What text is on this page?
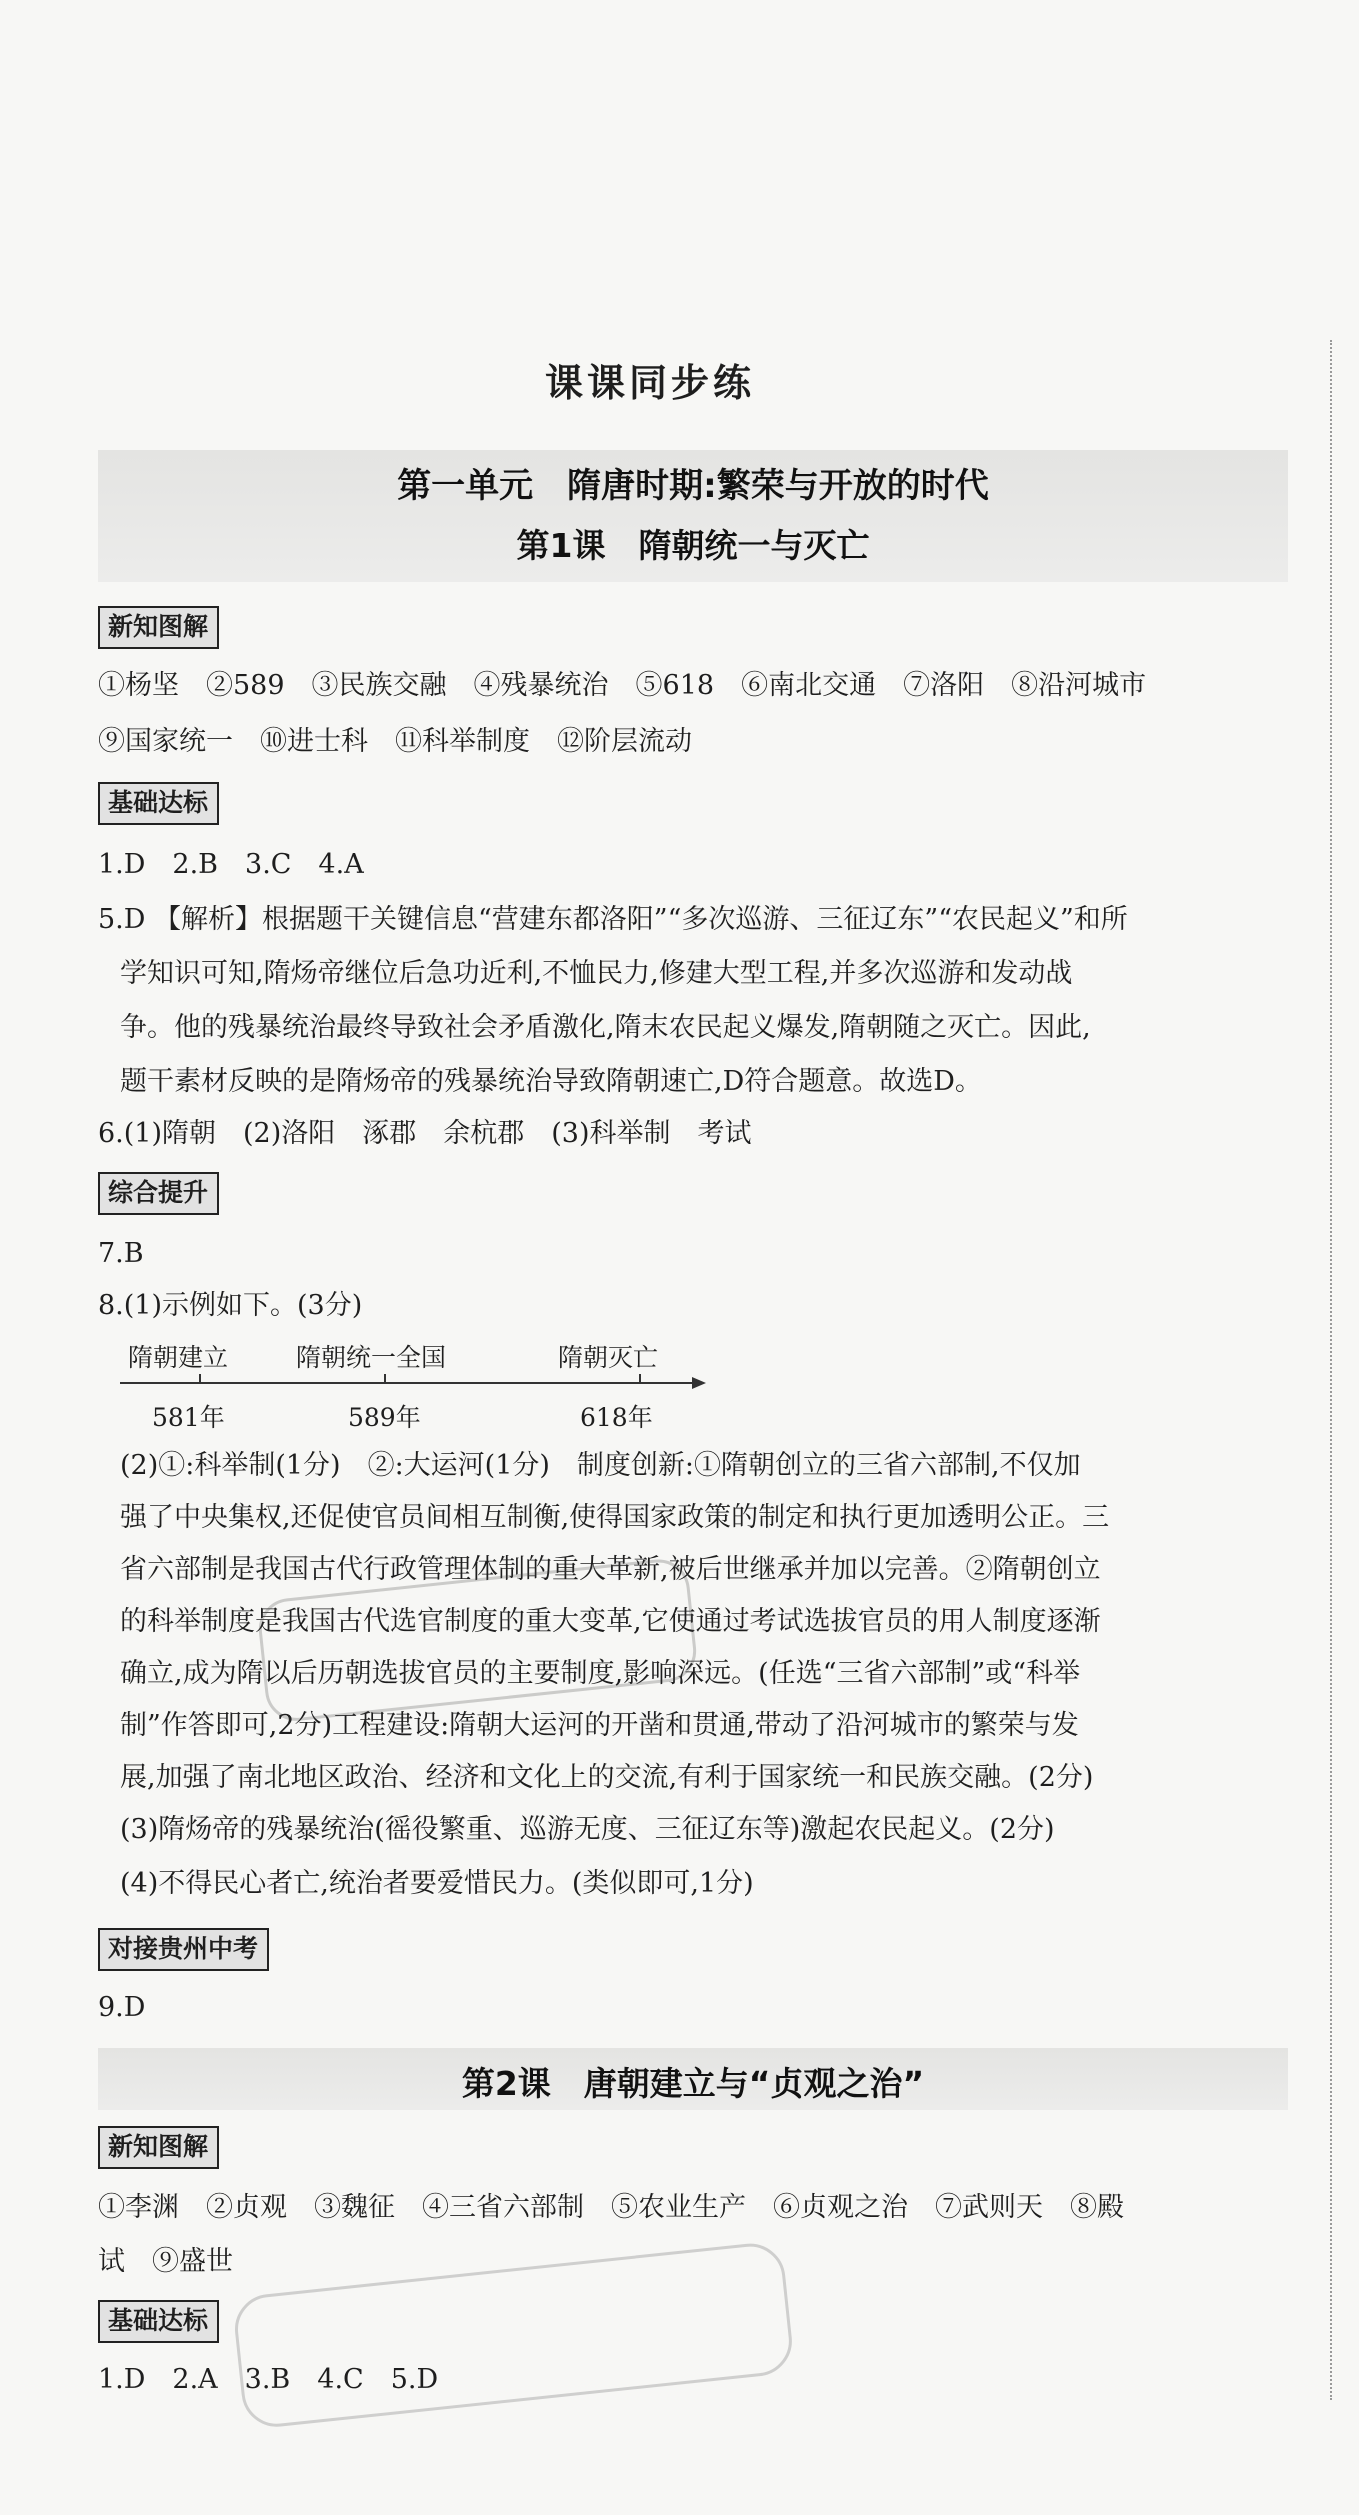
课课同步练
第一单元　隋唐时期:繁荣与开放的时代
第1课　隋朝统一与灭亡
新知图解
①杨坚　②589　③民族交融　④残暴统治　⑤618　⑥南北交通　⑦洛阳　⑧沿河城市
⑨国家统一　⑩进士科　⑪科举制度　⑫阶层流动
基础达标
1.D　2.B　3.C　4.A
5.D 【解析】根据题干关键信息“营建东都洛阳”“多次巡游、三征辽东”“农民起义”和所
学知识可知,隋炀帝继位后急功近利,不恤民力,修建大型工程,并多次巡游和发动战
争。他的残暴统治最终导致社会矛盾激化,隋末农民起义爆发,隋朝随之灭亡。因此,
题干素材反映的是隋炀帝的残暴统治导致隋朝速亡,D符合题意。故选D。
6.(1)隋朝　(2)洛阳　涿郡　余杭郡　(3)科举制　考试
综合提升
7.B
8.(1)示例如下。(3分)
隋朝建立	隋朝统一全国	隋朝灭亡
581年	589年	618年
(2)①:科举制(1分)　②:大运河(1分)　制度创新:①隋朝创立的三省六部制,不仅加
强了中央集权,还促使官员间相互制衡,使得国家政策的制定和执行更加透明公正。三
省六部制是我国古代行政管理体制的重大革新,被后世继承并加以完善。②隋朝创立
的科举制度是我国古代选官制度的重大变革,它使通过考试选拔官员的用人制度逐渐
确立,成为隋以后历朝选拔官员的主要制度,影响深远。(任选“三省六部制”或“科举
制”作答即可,2分)工程建设:隋朝大运河的开凿和贯通,带动了沿河城市的繁荣与发
展,加强了南北地区政治、经济和文化上的交流,有利于国家统一和民族交融。(2分)
(3)隋炀帝的残暴统治(徭役繁重、巡游无度、三征辽东等)激起农民起义。(2分)
(4)不得民心者亡,统治者要爱惜民力。(类似即可,1分)
对接贵州中考
9.D
第2课　唐朝建立与“贞观之治”
新知图解
①李渊　②贞观　③魏征　④三省六部制　⑤农业生产　⑥贞观之治　⑦武则天　⑧殿
试　⑨盛世
基础达标
1.D　2.A　3.B　4.C　5.D
